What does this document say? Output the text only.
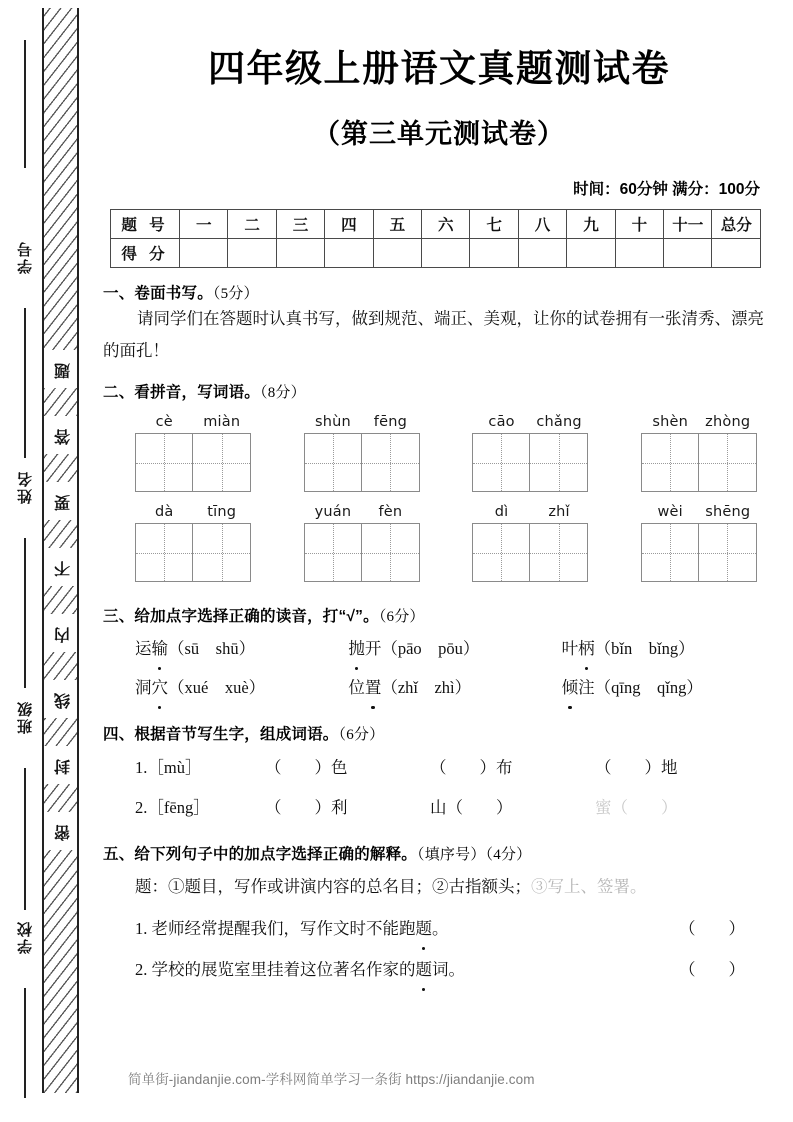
学号
姓名
班级
学校
题
答
要
不
内
线
封
密
四年级上册语文真题测试卷
（第三单元测试卷）
时间：60分钟 满分：100分
题 号	一	二	三	四	五	六	七	八	九	十	十一	总分
得 分												
一、卷面书写。（5分）
请同学们在答题时认真书写，做到规范、端正、美观，让你的试卷拥有一张清秀、漂亮的面孔！
二、看拼音，写词语。（8分）
cè	miàn	shùn	fēng	cāo	chǎng	shèn	zhòng
dà	tīng	yuán	fèn	dì	zhǐ	wèi	shēng
三、给加点字选择正确的读音，打“√”。（6分）
运输（sū　shū）	抛开（pāo　pōu）	叶柄（bǐn　bǐng）
洞穴（xué　xuè）	位置（zhǐ　zhì）	倾注（qīng　qǐng）
四、根据音节写生字，组成词语。（6分）
1.［mù］	（　　）色	（　　）布	（　　）地
2.［fēng］	（　　）利	山（　　）	蜜（　　）
五、给下列句子中的加点字选择正确的解释。（填序号）（4分）
题：①题目，写作或讲演内容的总名目；②古指额头；③写上、签署。
1. 老师经常提醒我们，写作文时不能跑题。	（　　）
2. 学校的展览室里挂着这位著名作家的题词。	（　　）
简单街-jiandanjie.com-学科网简单学习一条街 https://jiandanjie.com
